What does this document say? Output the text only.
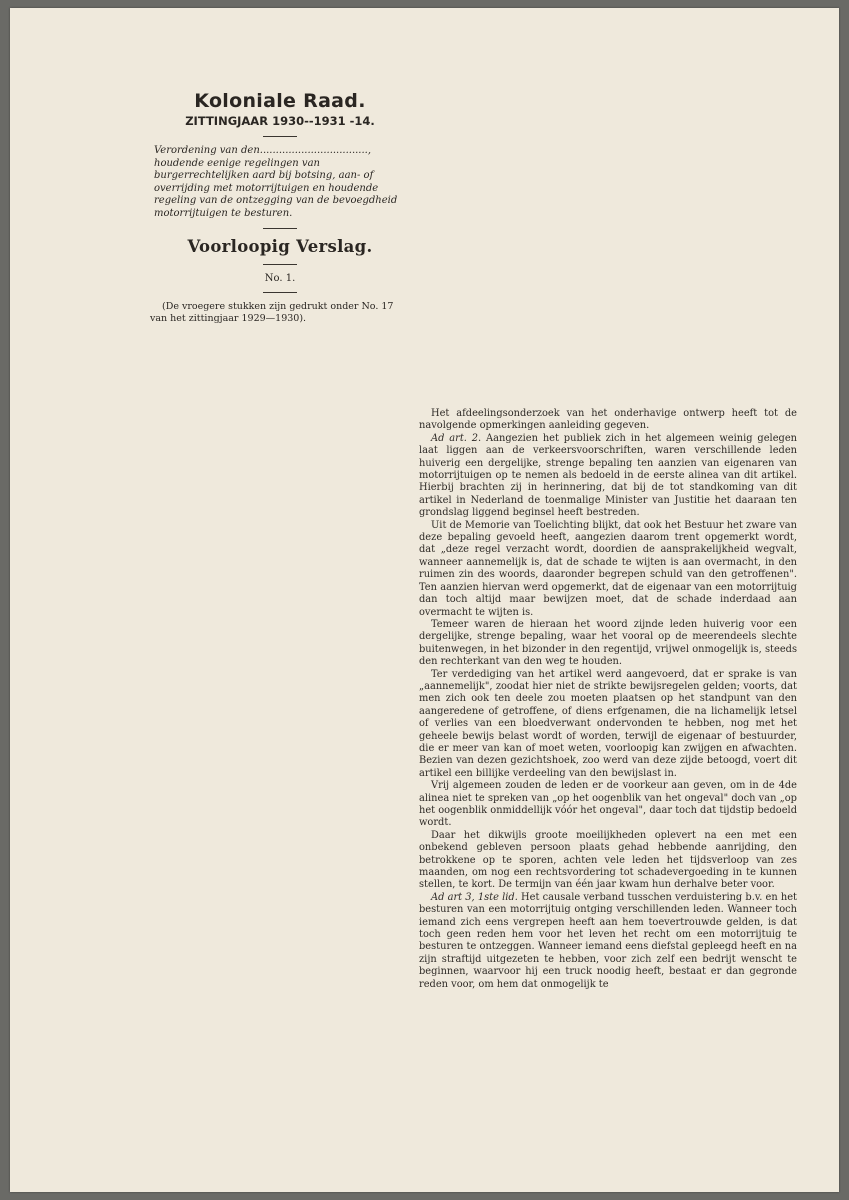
Koloniale Raad.

ZITTINGJAAR 1930--1931 -14.

Verordening van den.................................., houdende eenige regelingen van burgerrechtelijken aard bij botsing, aan- of overrijding met motorrijtuigen en houdende regeling van de ontzegging van de bevoegdheid motorrijtuigen te besturen.

Voorloopig Verslag.

No. 1.

(De vroegere stukken zijn gedrukt onder No. 17 van het zittingjaar 1929—1930).

Het afdeelingsonderzoek van het onderhavige ontwerp heeft tot de navolgende opmerkingen aanleiding gegeven.

Ad art. 2. Aangezien het publiek zich in het algemeen weinig gelegen laat liggen aan de verkeersvoorschriften, waren verschillende leden huiverig een dergelijke, strenge bepaling ten aanzien van eigenaren van motorrijtuigen op te nemen als bedoeld in de eerste alinea van dit artikel. Hierbij brachten zij in herinnering, dat bij de tot standkoming van dit artikel in Nederland de toenmalige Minister van Justitie het daaraan ten grondslag liggend beginsel heeft bestreden.

Uit de Memorie van Toelichting blijkt, dat ook het Bestuur het zware van deze bepaling gevoeld heeft, aangezien daarom trent opgemerkt wordt, dat „deze regel verzacht wordt, doordien de aansprakelijkheid wegvalt, wanneer aannemelijk is, dat de schade te wijten is aan overmacht, in den ruimen zin des woords, daaronder begrepen schuld van den getroffenen". Ten aanzien hiervan werd opgemerkt, dat de eigenaar van een motorrijtuig dan toch altijd maar bewijzen moet, dat de schade inderdaad aan overmacht te wijten is.

Temeer waren de hieraan het woord zijnde leden huiverig voor een dergelijke, strenge bepaling, waar het vooral op de meerendeels slechte buitenwegen, in het bizonder in den regentijd, vrijwel onmogelijk is, steeds den rechterkant van den weg te houden.

Ter verdediging van het artikel werd aangevoerd, dat er sprake is van „aannemelijk", zoodat hier niet de strikte bewijsregelen gelden; voorts, dat men zich ook ten deele zou moeten plaatsen op het standpunt van den aangeredene of getroffene, of diens erfgenamen, die na lichamelijk letsel of verlies van een bloedverwant ondervonden te hebben, nog met het geheele bewijs belast wordt of worden, terwijl de eigenaar of bestuurder, die er meer van kan of moet weten, voorloopig kan zwijgen en afwachten. Bezien van dezen gezichtshoek, zoo werd van deze zijde betoogd, voert dit artikel een billijke verdeeling van den bewijslast in.

Vrij algemeen zouden de leden er de voorkeur aan geven, om in de 4de alinea niet te spreken van „op het oogenblik van het ongeval" doch van „op het oogenblik onmiddellijk vóór het ongeval", daar toch dat tijdstip bedoeld wordt.

Daar het dikwijls groote moeilijkheden oplevert na een met een onbekend gebleven persoon plaats gehad hebbende aanrijding, den betrokkene op te sporen, achten vele leden het tijdsverloop van zes maanden, om nog een rechtsvordering tot schadevergoeding in te kunnen stellen, te kort. De termijn van één jaar kwam hun derhalve beter voor.

Ad art 3, 1ste lid. Het causale verband tusschen verduistering b.v. en het besturen van een motorrijtuig ontging verschillenden leden. Wanneer toch iemand zich eens vergrepen heeft aan hem toevertrouwde gelden, is dat toch geen reden hem voor het leven het recht om een motorrijtuig te besturen te ontzeggen. Wanneer iemand eens diefstal gepleegd heeft en na zijn straftijd uitgezeten te hebben, voor zich zelf een bedrijt wenscht te beginnen, waarvoor hij een truck noodig heeft, bestaat er dan gegronde reden voor, om hem dat onmogelijk te
